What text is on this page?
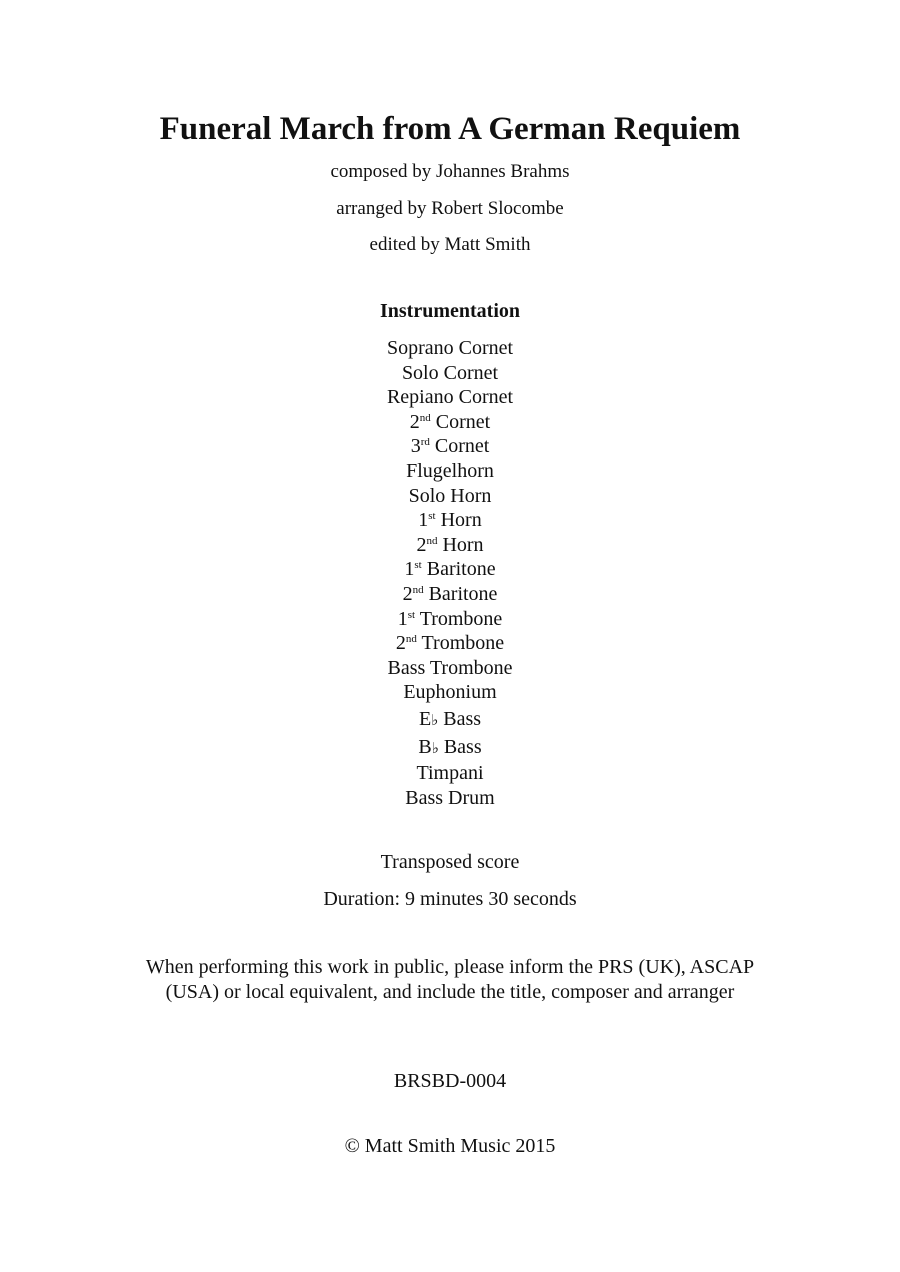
Funeral March from A German Requiem
composed by Johannes Brahms
arranged by Robert Slocombe
edited by Matt Smith
Instrumentation
Soprano Cornet
Solo Cornet
Repiano Cornet
2nd Cornet
3rd Cornet
Flugelhorn
Solo Horn
1st Horn
2nd Horn
1st Baritone
2nd Baritone
1st Trombone
2nd Trombone
Bass Trombone
Euphonium
E♭ Bass
B♭ Bass
Timpani
Bass Drum
Transposed score
Duration: 9 minutes 30 seconds
When performing this work in public, please inform the PRS (UK), ASCAP (USA) or local equivalent, and include the title, composer and arranger
BRSBD-0004
© Matt Smith Music 2015
